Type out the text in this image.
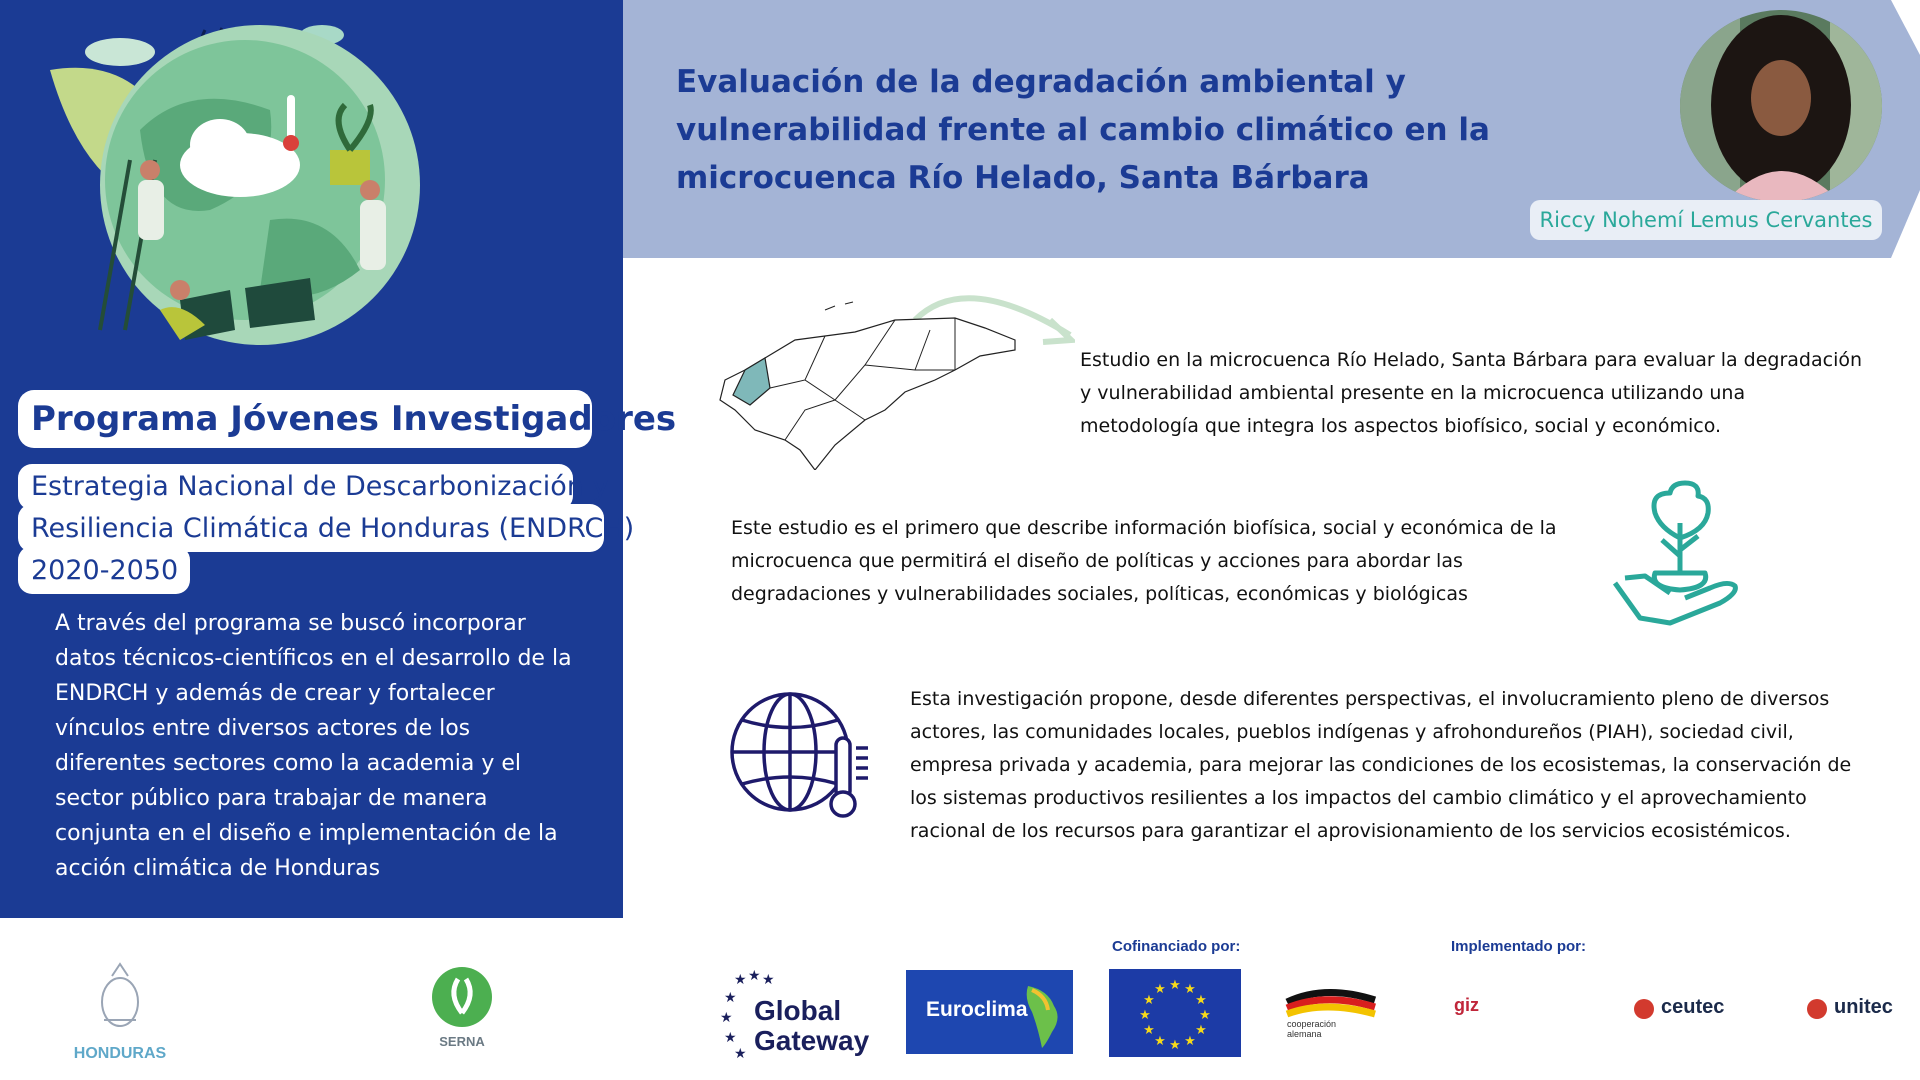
Programa Jóvenes Investigadores
Estrategia Nacional de Descarbonización y
Resiliencia Climática de Honduras (ENDRCH)
2020-2050
A través del programa se buscó incorporar
datos técnicos-científicos en el desarrollo de la
ENDRCH y además de crear y fortalecer
vínculos entre diversos actores de los
diferentes sectores como la academia y el
sector público para trabajar de manera
conjunta en el diseño e implementación de la
acción climática de Honduras
Evaluación de la degradación ambiental y
vulnerabilidad frente al cambio climático en la
microcuenca Río Helado, Santa Bárbara
Riccy Nohemí Lemus Cervantes
Estudio en la microcuenca Río Helado, Santa Bárbara para evaluar la degradación
y vulnerabilidad ambiental presente en la microcuenca utilizando una
metodología que integra los aspectos biofísico, social y económico.
Este estudio es el primero que describe información biofísica, social y económica de la
microcuenca que permitirá el diseño de políticas y acciones para abordar las
degradaciones y vulnerabilidades sociales, políticas, económicas y biológicas
Esta investigación propone, desde diferentes perspectivas, el involucramiento pleno de diversos
actores, las comunidades locales, pueblos indígenas y afrohondureños (PIAH), sociedad civil,
empresa privada y academia, para mejorar las condiciones de los ecosistemas, la conservación de
los sistemas productivos resilientes a los impactos del cambio climático y el aprovechamiento
racional de los recursos para garantizar el aprovisionamiento de los servicios ecosistémicos.
Cofinanciado por:	Implementado por:
HONDURAS
SERNA
★ ★ ★
★
★
★
★
Global
Gateway
Euroclima
★ ★
★
★
★
★
★
★
★
★
★
★
cooperación
alemana
giz	ceutec	unitec
